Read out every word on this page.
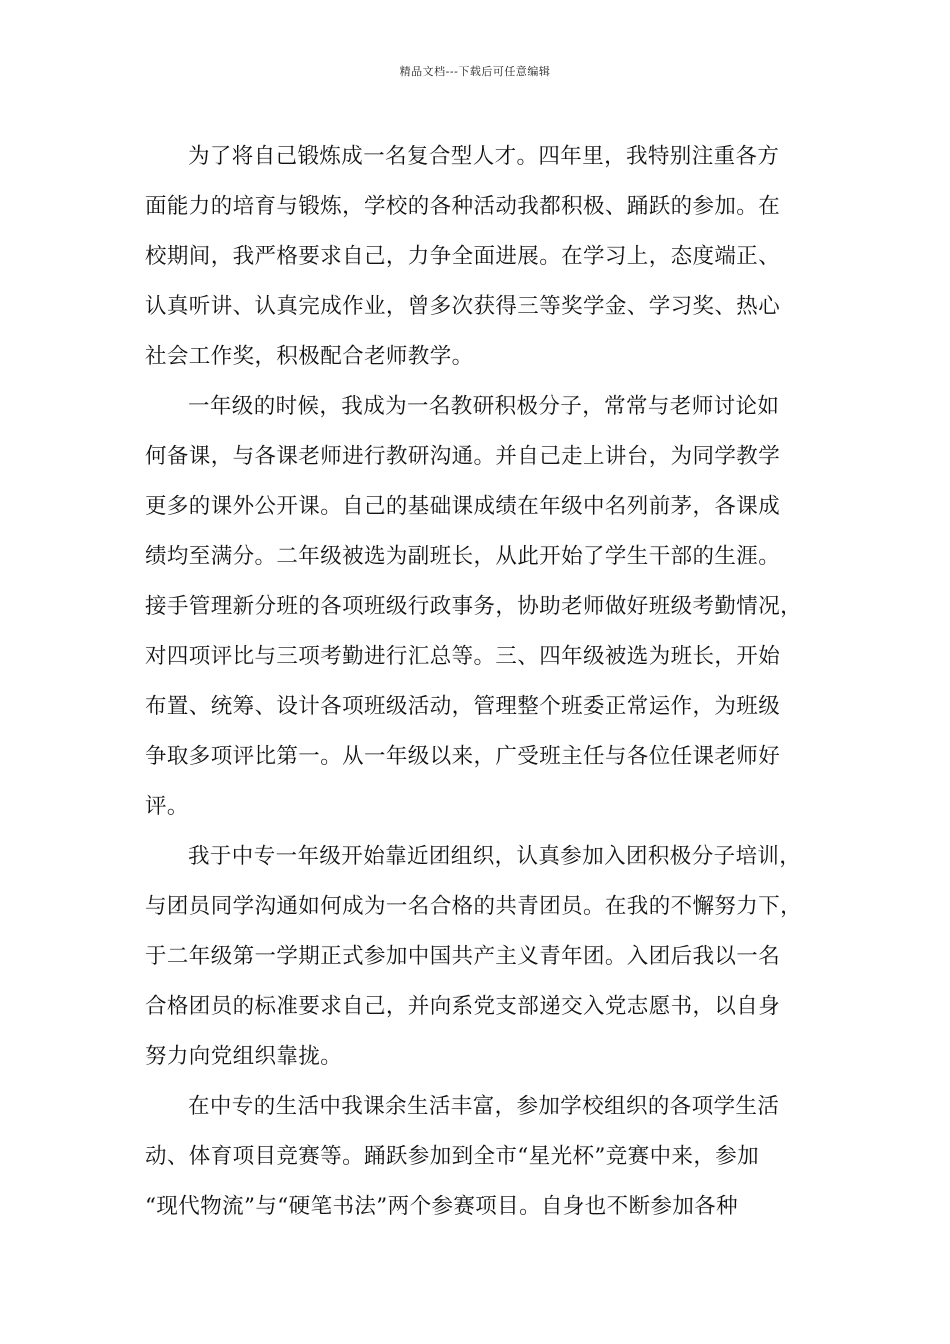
精品文档---下载后可任意编辑

为了将自己锻炼成一名复合型人才。四年里，我特别注重各方
面能力的培育与锻炼，学校的各种活动我都积极、踊跃的参加。在
校期间，我严格要求自己，力争全面进展。在学习上，态度端正、
认真听讲、认真完成作业，曾多次获得三等奖学金、学习奖、热心
社会工作奖，积极配合老师教学。

一年级的时候，我成为一名教研积极分子，常常与老师讨论如
何备课，与各课老师进行教研沟通。并自己走上讲台，为同学教学
更多的课外公开课。自己的基础课成绩在年级中名列前茅，各课成
绩均至满分。二年级被选为副班长，从此开始了学生干部的生涯。
接手管理新分班的各项班级行政事务，协助老师做好班级考勤情况，
对四项评比与三项考勤进行汇总等。三、四年级被选为班长，开始
布置、统筹、设计各项班级活动，管理整个班委正常运作，为班级
争取多项评比第一。从一年级以来，广受班主任与各位任课老师好
评。

我于中专一年级开始靠近团组织，认真参加入团积极分子培训，
与团员同学沟通如何成为一名合格的共青团员。在我的不懈努力下，
于二年级第一学期正式参加中国共产主义青年团。入团后我以一名
合格团员的标准要求自己，并向系党支部递交入党志愿书，以自身
努力向党组织靠拢。

在中专的生活中我课余生活丰富，参加学校组织的各项学生活
动、体育项目竞赛等。踊跃参加到全市“星光杯”竞赛中来，参加
“现代物流”与“硬笔书法”两个参赛项目。自身也不断参加各种
